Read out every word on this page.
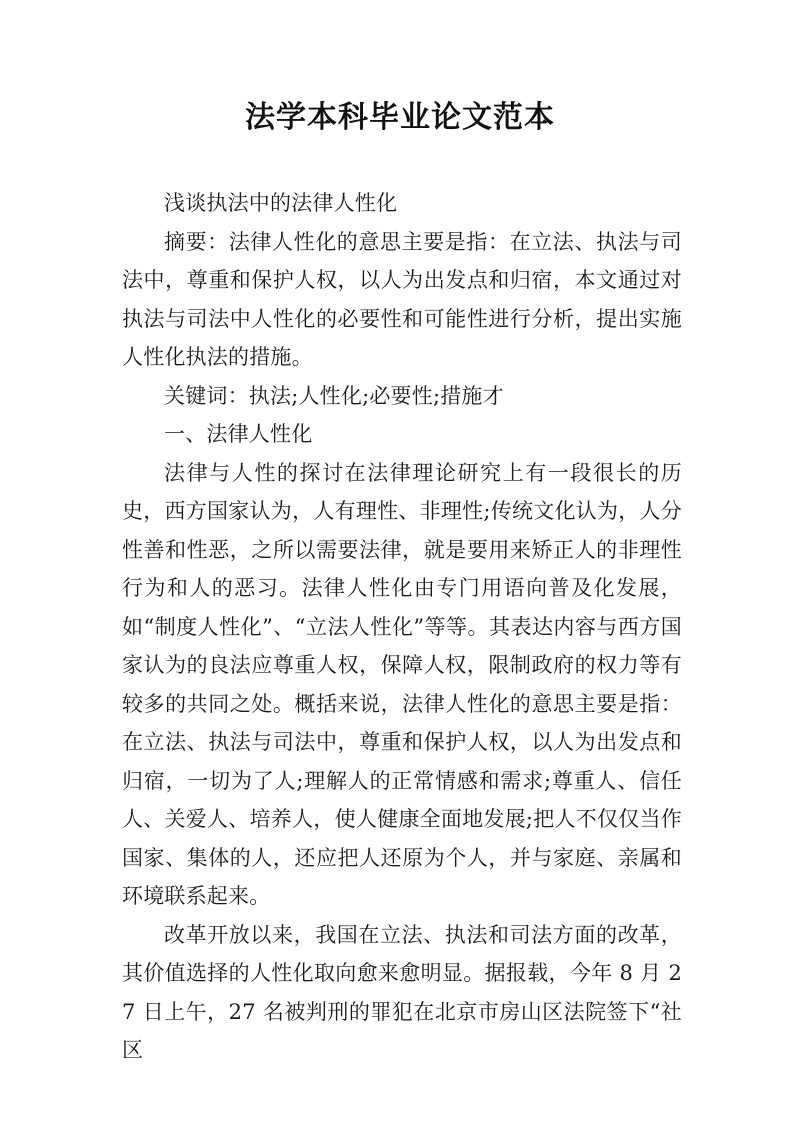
法学本科毕业论文范本

浅谈执法中的法律人性化

摘要：法律人性化的意思主要是指：在立法、执法与司法中，尊重和保护人权，以人为出发点和归宿，本文通过对执法与司法中人性化的必要性和可能性进行分析，提出实施人性化执法的措施。

关键词：执法;人性化;必要性;措施才

一、法律人性化

法律与人性的探讨在法律理论研究上有一段很长的历史，西方国家认为，人有理性、非理性;传统文化认为，人分性善和性恶，之所以需要法律，就是要用来矫正人的非理性行为和人的恶习。法律人性化由专门用语向普及化发展，如“制度人性化”、“立法人性化”等等。其表达内容与西方国家认为的良法应尊重人权，保障人权，限制政府的权力等有较多的共同之处。概括来说，法律人性化的意思主要是指：在立法、执法与司法中，尊重和保护人权，以人为出发点和归宿，一切为了人;理解人的正常情感和需求;尊重人、信任人、关爱人、培养人，使人健康全面地发展;把人不仅仅当作国家、集体的人，还应把人还原为个人，并与家庭、亲属和环境联系起来。

改革开放以来，我国在立法、执法和司法方面的改革，其价值选择的人性化取向愈来愈明显。据报载，今年 8 月 27 日上午，27 名被判刑的罪犯在北京市房山区法院签下“社区
